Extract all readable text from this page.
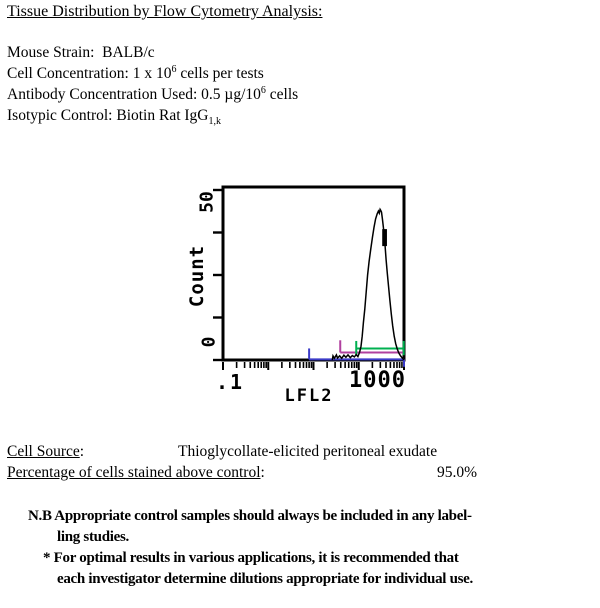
Tissue Distribution by Flow Cytometry Analysis:
Mouse Strain:  BALB/c
Cell Concentration: 1 x $10^6$ cells per tests
Antibody Concentration Used: 0.5 $\mu g/10^6$ cells
Isotypic Control: Biotin Rat IgG$_{1,k}$
Count
50
0
.1	1000
LFL2
Cell Source:	Thioglycollate-elicited peritoneal exudate
Percentage of cells stained above control:	95.0%
N.B Appropriate control samples should always be included in any label-
ling studies.
* For optimal results in various applications, it is recommended that
each investigator determine dilutions appropriate for individual use.
